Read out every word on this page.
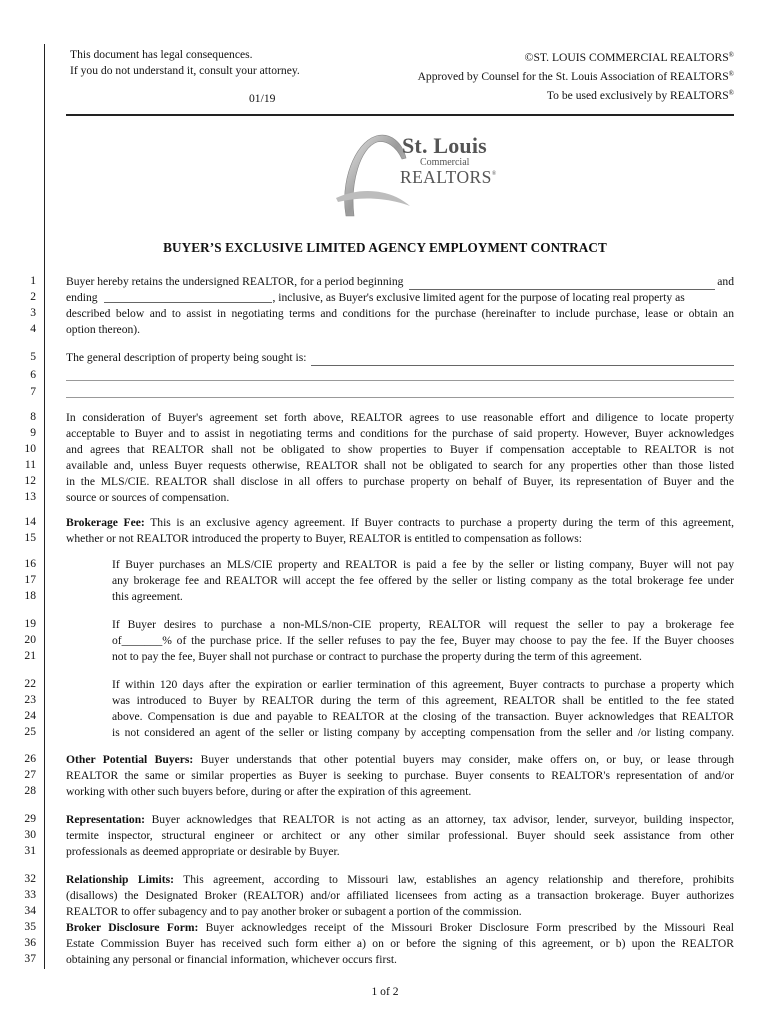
This document has legal consequences.
If you do not understand it, consult your attorney.
01/19
©ST. LOUIS COMMERCIAL REALTORS®
Approved by Counsel for the St. Louis Association of REALTORS®
To be used exclusively by REALTORS®
St. Louis
Commercial
REALTORS®
BUYER’S EXCLUSIVE LIMITED AGENCY EMPLOYMENT CONTRACT
1
2
3
4
5
6
7
8
9
10
11
12
13
14
15
16
17
18
19
20
21
22
23
24
25
26
27
28
29
30
31
32
33
34
35
36
37
Buyer hereby retains the undersigned REALTOR, for a period beginning	and
ending	, inclusive, as Buyer's exclusive limited agent for the purpose of locating real property as
described below and to assist in negotiating terms and conditions for the purchase (hereinafter to include purchase, lease or obtain an
option thereon).
The general description of property being sought is:
In consideration of Buyer's agreement set forth above, REALTOR agrees to use reasonable effort and diligence to locate property
acceptable to Buyer and to assist in negotiating terms and conditions for the purchase of said property. However, Buyer acknowledges
and agrees that REALTOR shall not be obligated to show properties to Buyer if compensation acceptable to REALTOR is not
available and, unless Buyer requests otherwise, REALTOR shall not be obligated to search for any properties other than those listed
in the MLS/CIE. REALTOR shall disclose in all offers to purchase property on behalf of Buyer, its representation of Buyer and the
source or sources of compensation.
Brokerage Fee: This is an exclusive agency agreement. If Buyer contracts to purchase a property during the term of this agreement,
whether or not REALTOR introduced the property to Buyer, REALTOR is entitled to compensation as follows:
If Buyer purchases an MLS/CIE property and REALTOR is paid a fee by the seller or listing company, Buyer will not pay
any brokerage fee and REALTOR will accept the fee offered by the seller or listing company as the total brokerage fee under
this agreement.
If Buyer desires to purchase a non-MLS/non-CIE property, REALTOR will request the seller to pay a brokerage fee
of_______% of the purchase price. If the seller refuses to pay the fee, Buyer may choose to pay the fee. If the Buyer chooses
not to pay the fee, Buyer shall not purchase or contract to purchase the property during the term of this agreement.
If within 120 days after the expiration or earlier termination of this agreement, Buyer contracts to purchase a property which
was introduced to Buyer by REALTOR during the term of this agreement, REALTOR shall be entitled to the fee stated
above. Compensation is due and payable to REALTOR at the closing of the transaction. Buyer acknowledges that REALTOR
is not considered an agent of the seller or listing company by accepting compensation from the seller and /or listing company.
Other Potential Buyers: Buyer understands that other potential buyers may consider, make offers on, or buy, or lease through
REALTOR the same or similar properties as Buyer is seeking to purchase. Buyer consents to REALTOR's representation of and/or
working with other such buyers before, during or after the expiration of this agreement.
Representation: Buyer acknowledges that REALTOR is not acting as an attorney, tax advisor, lender, surveyor, building inspector,
termite inspector, structural engineer or architect or any other similar professional. Buyer should seek assistance from other
professionals as deemed appropriate or desirable by Buyer.
Relationship Limits: This agreement, according to Missouri law, establishes an agency relationship and therefore, prohibits
(disallows) the Designated Broker (REALTOR) and/or affiliated licensees from acting as a transaction brokerage. Buyer authorizes
REALTOR to offer subagency and to pay another broker or subagent a portion of the commission.
Broker Disclosure Form: Buyer acknowledges receipt of the Missouri Broker Disclosure Form prescribed by the Missouri Real
Estate Commission Buyer has received such form either a) on or before the signing of this agreement, or b) upon the REALTOR
obtaining any personal or financial information, whichever occurs first.
1 of 2
